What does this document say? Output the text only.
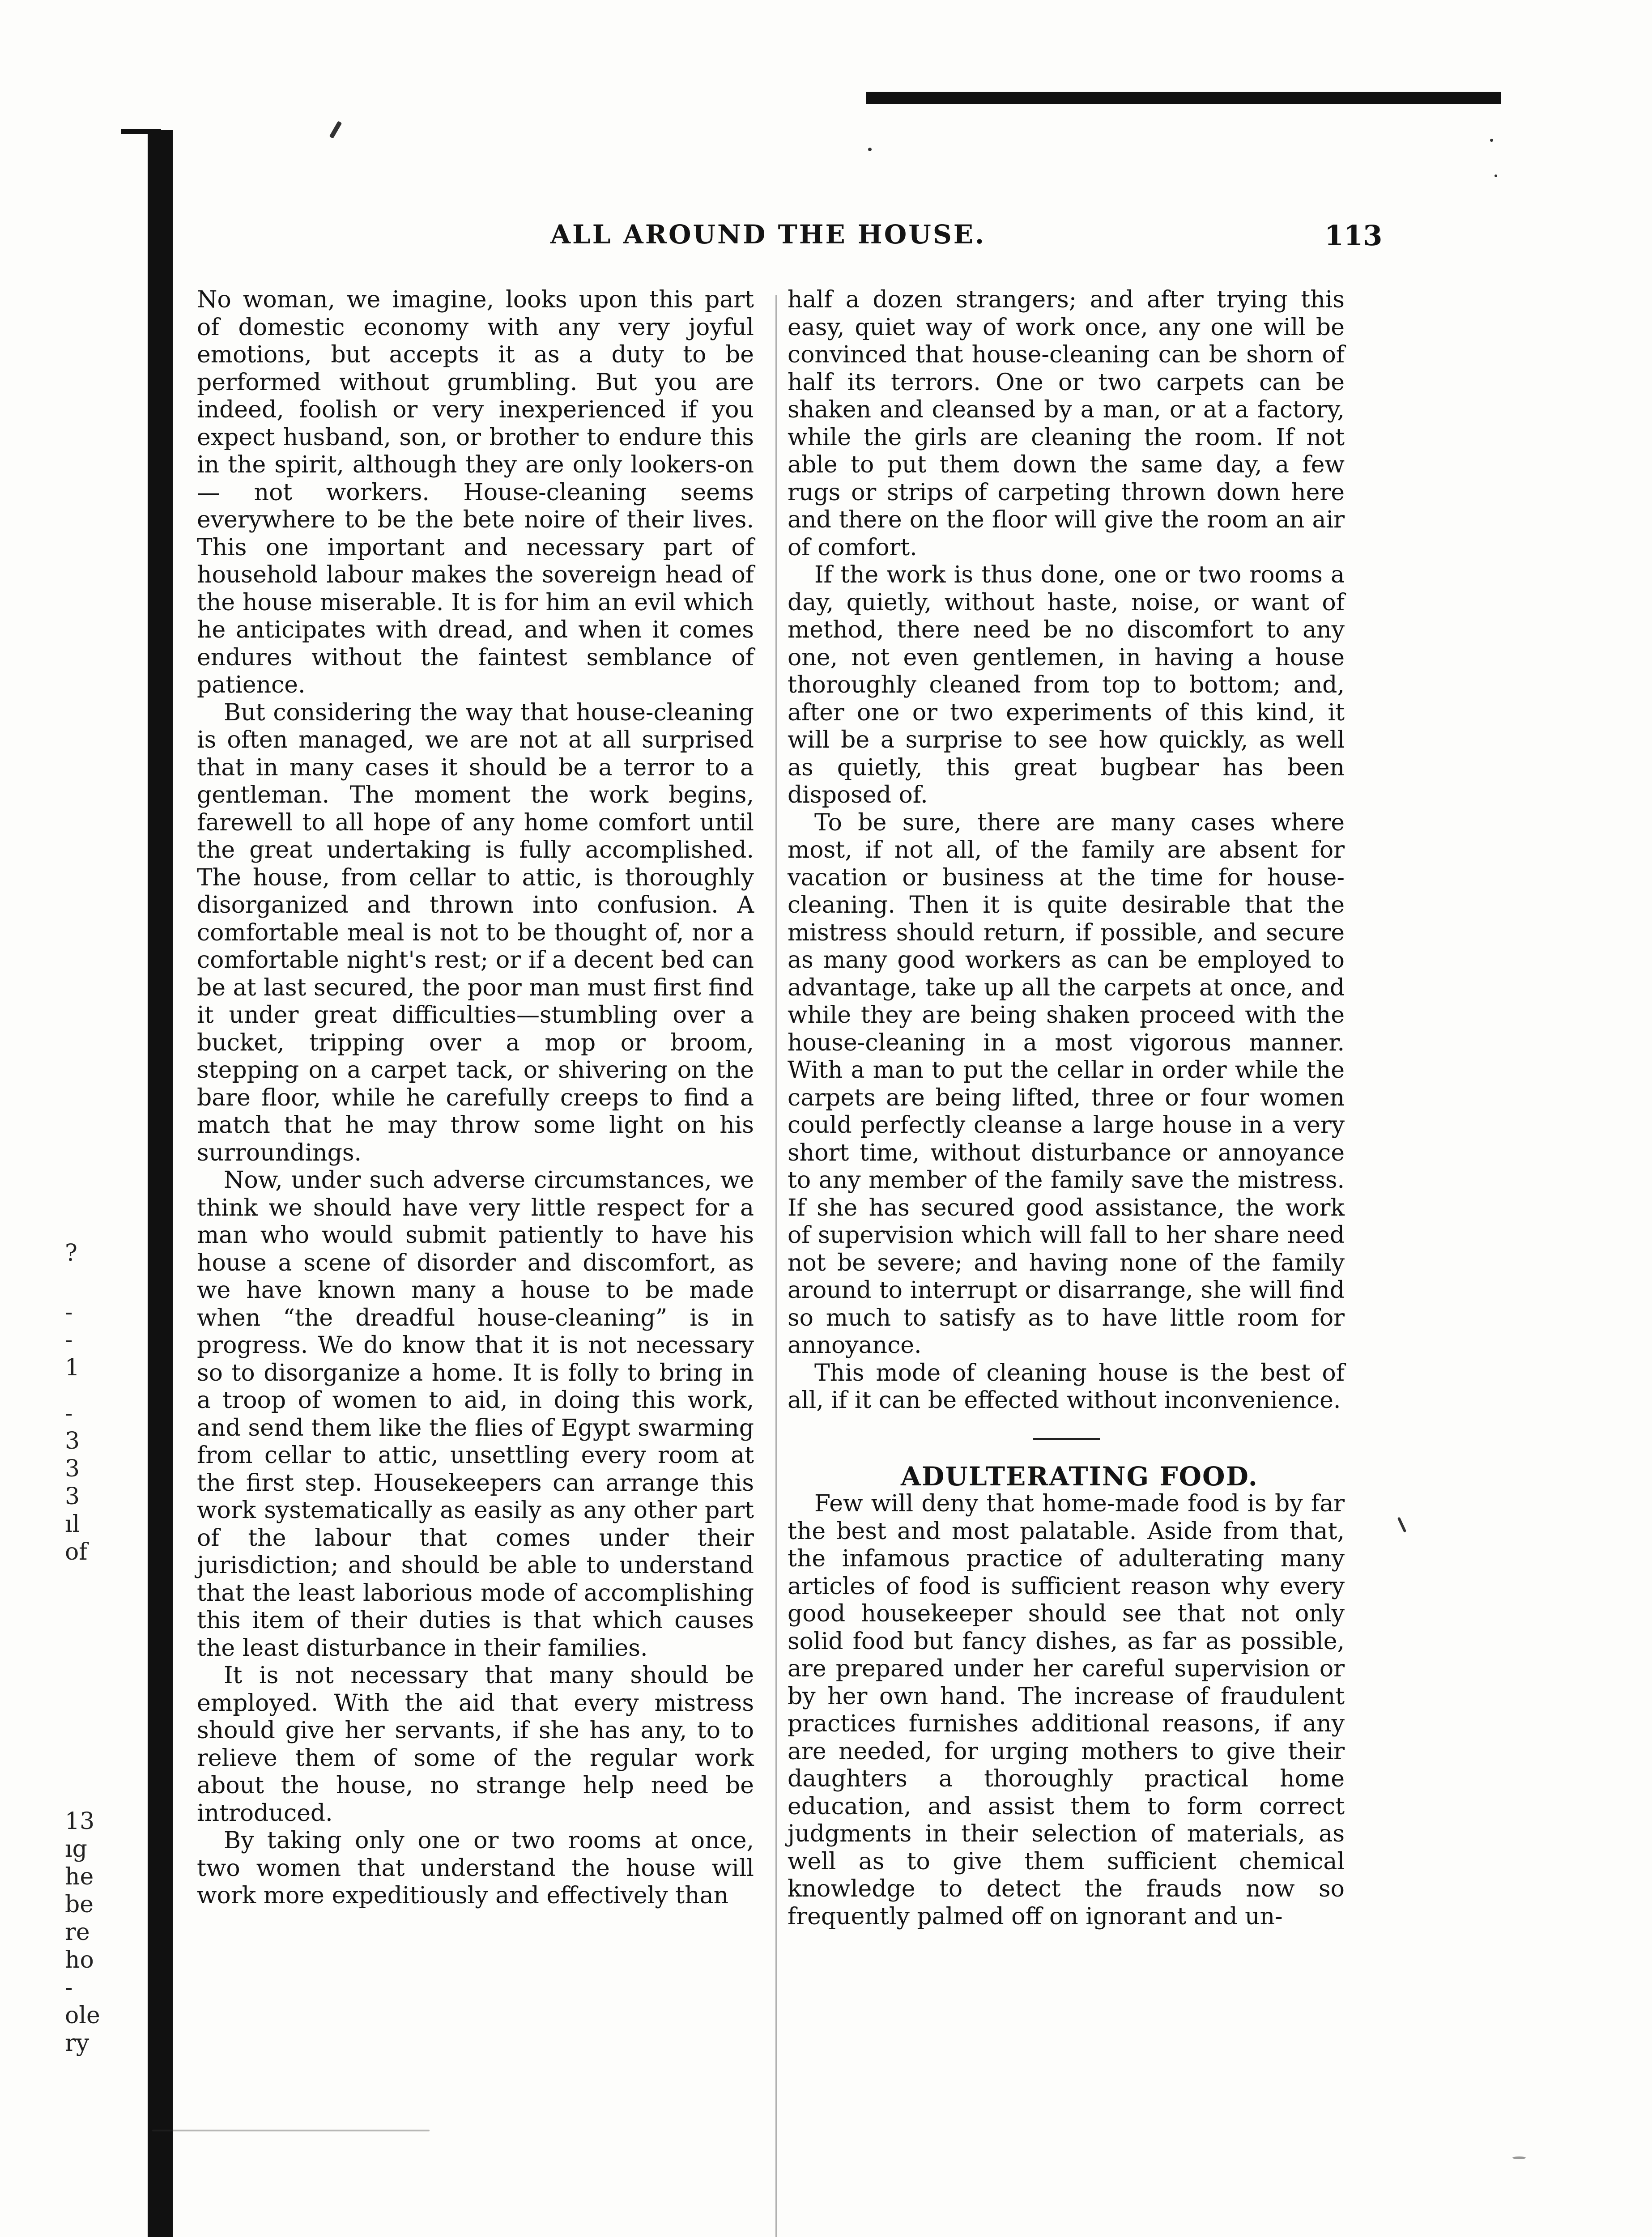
ALL AROUND THE HOUSE.	113

No woman, we imagine, looks upon this part of domestic economy with any very joyful emotions, but accepts it as a duty to be performed without grumbling. But you are indeed, foolish or very inexperienced if you expect husband, son, or brother to endure this in the spirit, although they are only lookers-on — not workers. House-cleaning seems everywhere to be the bete noire of their lives. This one important and necessary part of household labour makes the sovereign head of the house miserable. It is for him an evil which he anticipates with dread, and when it comes endures without the faintest semblance of patience.

But considering the way that house-cleaning is often managed, we are not at all surprised that in many cases it should be a terror to a gentleman. The moment the work begins, farewell to all hope of any home comfort until the great undertaking is fully accomplished. The house, from cellar to attic, is thoroughly disorganized and thrown into confusion. A comfortable meal is not to be thought of, nor a comfortable night's rest; or if a decent bed can be at last secured, the poor man must first find it under great difficulties—stumbling over a bucket, tripping over a mop or broom, stepping on a carpet tack, or shivering on the bare floor, while he carefully creeps to find a match that he may throw some light on his surroundings.

Now, under such adverse circumstances, we think we should have very little respect for a man who would submit patiently to have his house a scene of disorder and discomfort, as we have known many a house to be made when “the dreadful house-cleaning” is in progress. We do know that it is not necessary so to disorganize a home. It is folly to bring in a troop of women to aid, in doing this work, and send them like the flies of Egypt swarming from cellar to attic, unsettling every room at the first step. Housekeepers can arrange this work systematically as easily as any other part of the labour that comes under their jurisdiction; and should be able to understand that the least laborious mode of accomplishing this item of their duties is that which causes the least disturbance in their families.

It is not necessary that many should be employed. With the aid that every mistress should give her servants, if she has any, to to relieve them of some of the regular work about the house, no strange help need be introduced.

By taking only one or two rooms at once, two women that understand the house will work more expeditiously and effectively than

half a dozen strangers; and after trying this easy, quiet way of work once, any one will be convinced that house-cleaning can be shorn of half its terrors. One or two carpets can be shaken and cleansed by a man, or at a factory, while the girls are cleaning the room. If not able to put them down the same day, a few rugs or strips of carpeting thrown down here and there on the floor will give the room an air of comfort.

If the work is thus done, one or two rooms a day, quietly, without haste, noise, or want of method, there need be no discomfort to any one, not even gentlemen, in having a house thoroughly cleaned from top to bottom; and, after one or two experiments of this kind, it will be a surprise to see how quickly, as well as quietly, this great bugbear has been disposed of.

To be sure, there are many cases where most, if not all, of the family are absent for vacation or business at the time for house-cleaning. Then it is quite desirable that the mistress should return, if possible, and secure as many good workers as can be employed to advantage, take up all the carpets at once, and while they are being shaken proceed with the house-cleaning in a most vigorous manner. With a man to put the cellar in order while the carpets are being lifted, three or four women could perfectly cleanse a large house in a very short time, without disturbance or annoyance to any member of the family save the mistress. If she has secured good assistance, the work of supervision which will fall to her share need not be severe; and having none of the family around to interrupt or disarrange, she will find so much to satisfy as to have little room for annoyance.

This mode of cleaning house is the best of all, if it can be effected without inconvenience.

ADULTERATING FOOD.

Few will deny that home-made food is by far the best and most palatable. Aside from that, the infamous practice of adulterating many articles of food is sufficient reason why every good housekeeper should see that not only solid food but fancy dishes, as far as possible, are prepared under her careful supervision or by her own hand. The increase of fraudulent practices furnishes additional reasons, if any are needed, for urging mothers to give their daughters a thoroughly practical home education, and assist them to form correct judgments in their selection of materials, as well as to give them sufficient chemical knowledge to detect the frauds now so frequently palmed off on ignorant and un-

?
-
-
1
-
3
3
3
ıl
of
13
ıg
he
be
re
ho
-
ole
ry
